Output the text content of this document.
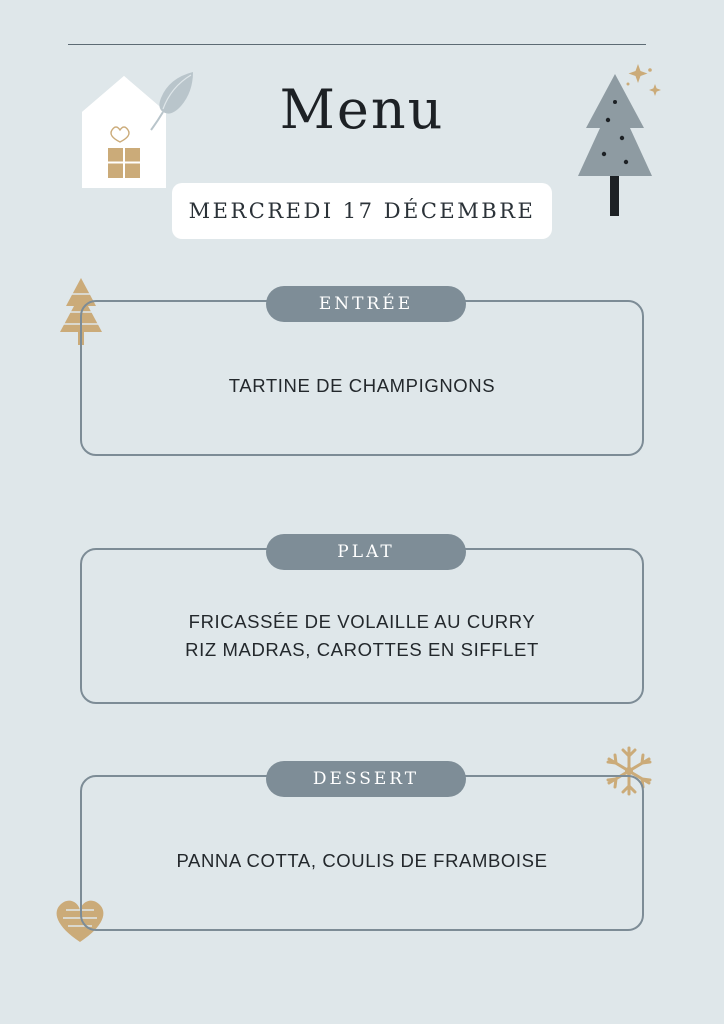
Menu
MERCREDI 17 DÉCEMBRE
ENTRÉE
TARTINE DE CHAMPIGNONS
PLAT
FRICASSÉE DE VOLAILLE AU CURRY
RIZ MADRAS, CAROTTES EN SIFFLET
DESSERT
PANNA COTTA, COULIS DE FRAMBOISE
